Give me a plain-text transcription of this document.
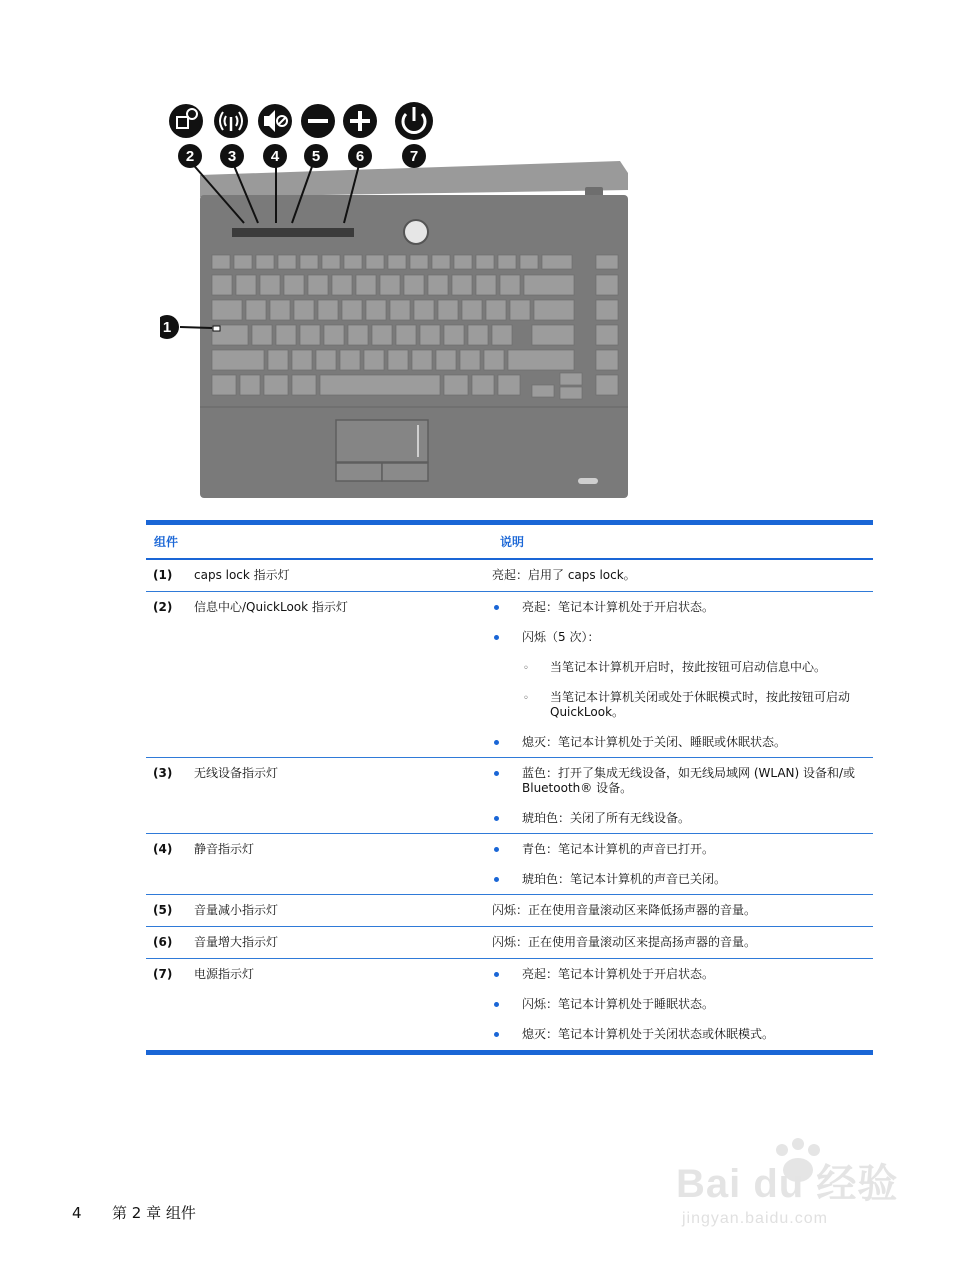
2 3 4 5 6	7
1
组件	说明
(1)	caps lock 指示灯	亮起：启用了 caps lock。
(2)	信息中心/QuickLook 指示灯	亮起：笔记本计算机处于开启状态。
闪烁（5 次）：
◦ 当笔记本计算机开启时，按此按钮可启动信息中心。
◦ 当笔记本计算机关闭或处于休眠模式时，按此按钮可启动 QuickLook。
熄灭：笔记本计算机处于关闭、睡眠或休眠状态。
(3)	无线设备指示灯	蓝色：打开了集成无线设备，如无线局域网 (WLAN) 设备和/或 Bluetooth® 设备。
琥珀色：关闭了所有无线设备。
(4)	静音指示灯	青色：笔记本计算机的声音已打开。
琥珀色：笔记本计算机的声音已关闭。
(5)	音量减小指示灯	闪烁：正在使用音量滚动区来降低扬声器的音量。
(6)	音量增大指示灯	闪烁：正在使用音量滚动区来提高扬声器的音量。
(7)	电源指示灯	亮起：笔记本计算机处于开启状态。
闪烁：笔记本计算机处于睡眠状态。
熄灭：笔记本计算机处于关闭状态或休眠模式。
4 第 2 章 组件
Bai du 经验
jingyan.baidu.com
